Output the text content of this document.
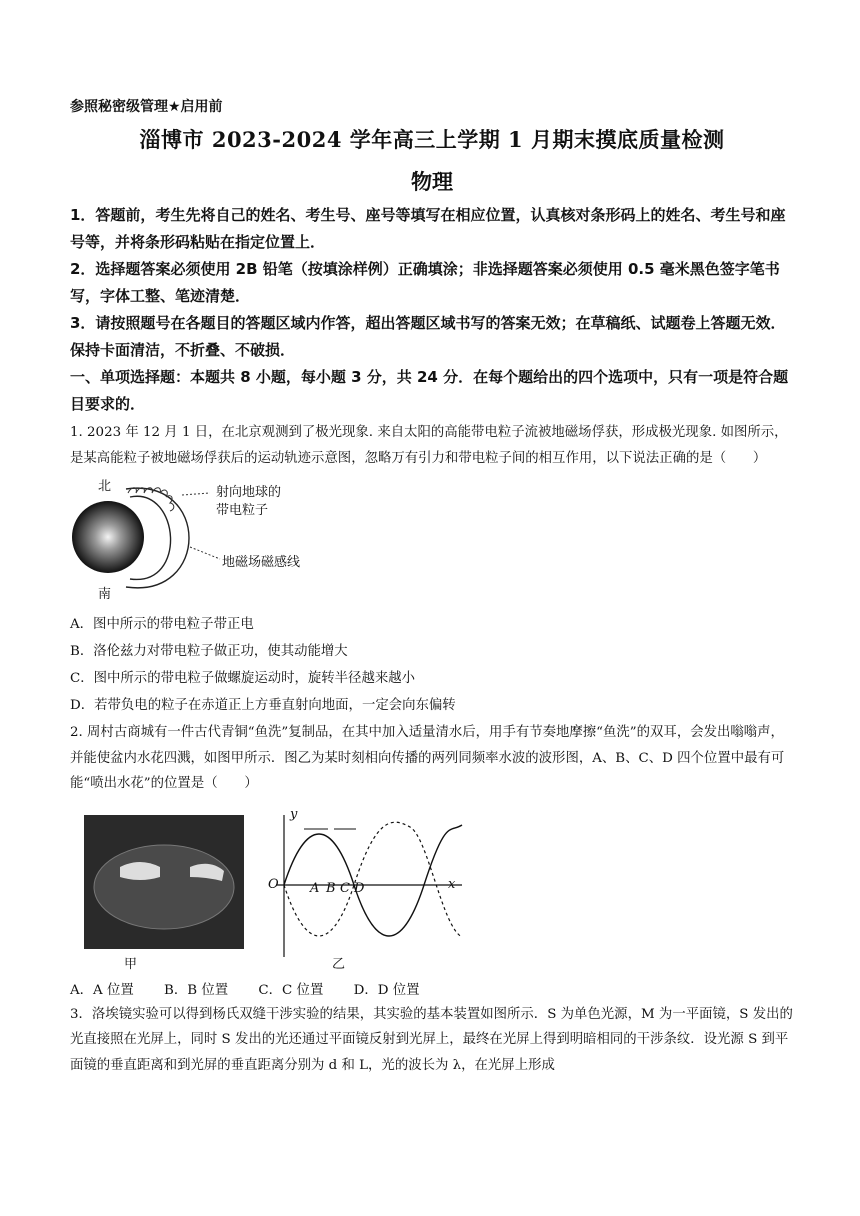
参照秘密级管理★启用前
淄博市 2023-2024 学年高三上学期 1 月期末摸底质量检测
物理

1．答题前，考生先将自己的姓名、考生号、座号等填写在相应位置，认真核对条形码上的姓名、考生号和座号等，并将条形码粘贴在指定位置上．

2．选择题答案必须使用 2B 铅笔（按填涂样例）正确填涂；非选择题答案必须使用 0.5 毫米黑色签字笔书写，字体工整、笔迹清楚．

3．请按照题号在各题目的答题区域内作答，超出答题区域书写的答案无效；在草稿纸、试题卷上答题无效．保持卡面清洁，不折叠、不破损．

一、单项选择题：本题共 8 小题，每小题 3 分，共 24 分．在每个题给出的四个选项中，只有一项是符合题目要求的．

1. 2023 年 12 月 1 日，在北京观测到了极光现象. 来自太阳的高能带电粒子流被地磁场俘获，形成极光现象. 如图所示，是某高能粒子被地磁场俘获后的运动轨迹示意图，忽略万有引力和带电粒子间的相互作用，以下说法正确的是（　　）

北
南
射向地球的
带电粒子
地磁场磁感线

A．图中所示的带电粒子带正电

B．洛伦兹力对带电粒子做正功，使其动能增大

C．图中所示的带电粒子做螺旋运动时，旋转半径越来越小

D．若带负电的粒子在赤道正上方垂直射向地面，一定会向东偏转

2. 周村古商城有一件古代青铜“鱼洗”复制品，在其中加入适量清水后，用手有节奏地摩擦“鱼洗”的双耳，会发出嗡嗡声，并能使盆内水花四溅，如图甲所示．图乙为某时刻相向传播的两列同频率水波的波形图，A、B、C、D 四个位置中最有可能“喷出水花”的位置是（　　）

甲	乙
y
x
O A B C D
A．A 位置 B．B 位置 C．C 位置 D．D 位置

3．洛埃镜实验可以得到杨氏双缝干涉实验的结果，其实验的基本装置如图所示．S 为单色光源，M 为一平面镜，S 发出的光直接照在光屏上，同时 S 发出的光还通过平面镜反射到光屏上，最终在光屏上得到明暗相同的干涉条纹．设光源 S 到平面镜的垂直距离和到光屏的垂直距离分别为 d 和 L，光的波长为 λ，在光屏上形成
